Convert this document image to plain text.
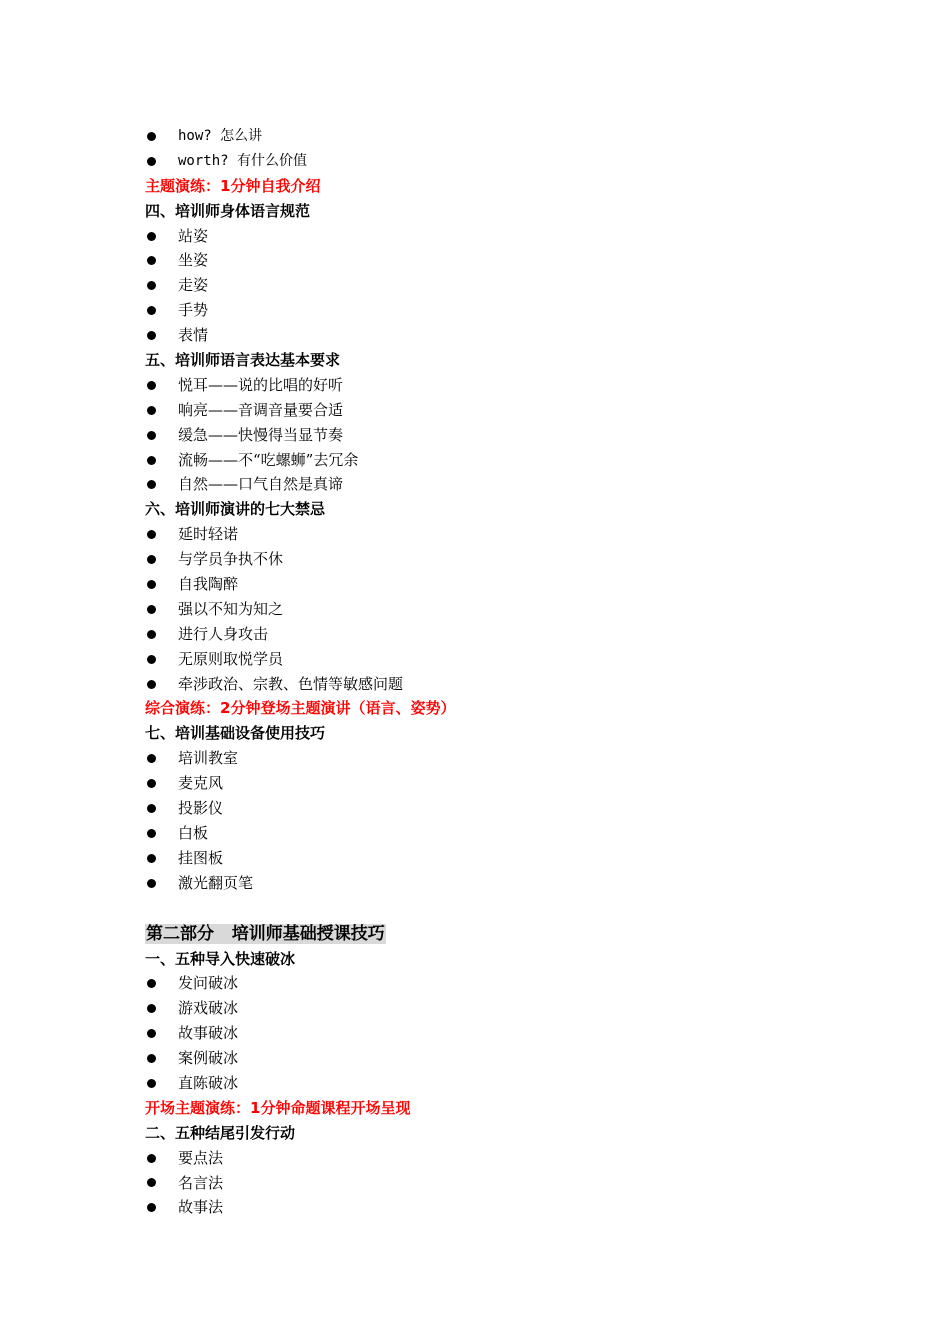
how? 怎么讲
worth? 有什么价值
主题演练：1分钟自我介绍
四、培训师身体语言规范
站姿
坐姿
走姿
手势
表情
五、培训师语言表达基本要求
悦耳——说的比唱的好听
响亮——音调音量要合适
缓急——快慢得当显节奏
流畅——不“吃螺蛳”去冗余
自然——口气自然是真谛
六、培训师演讲的七大禁忌
延时轻诺
与学员争执不休
自我陶醉
强以不知为知之
进行人身攻击
无原则取悦学员
牵涉政治、宗教、色情等敏感问题
综合演练：2分钟登场主题演讲（语言、姿势）
七、培训基础设备使用技巧
培训教室
麦克风
投影仪
白板
挂图板
激光翻页笔
第二部分   培训师基础授课技巧
一、五种导入快速破冰
发问破冰
游戏破冰
故事破冰
案例破冰
直陈破冰
开场主题演练：1分钟命题课程开场呈现
二、五种结尾引发行动
要点法
名言法
故事法
